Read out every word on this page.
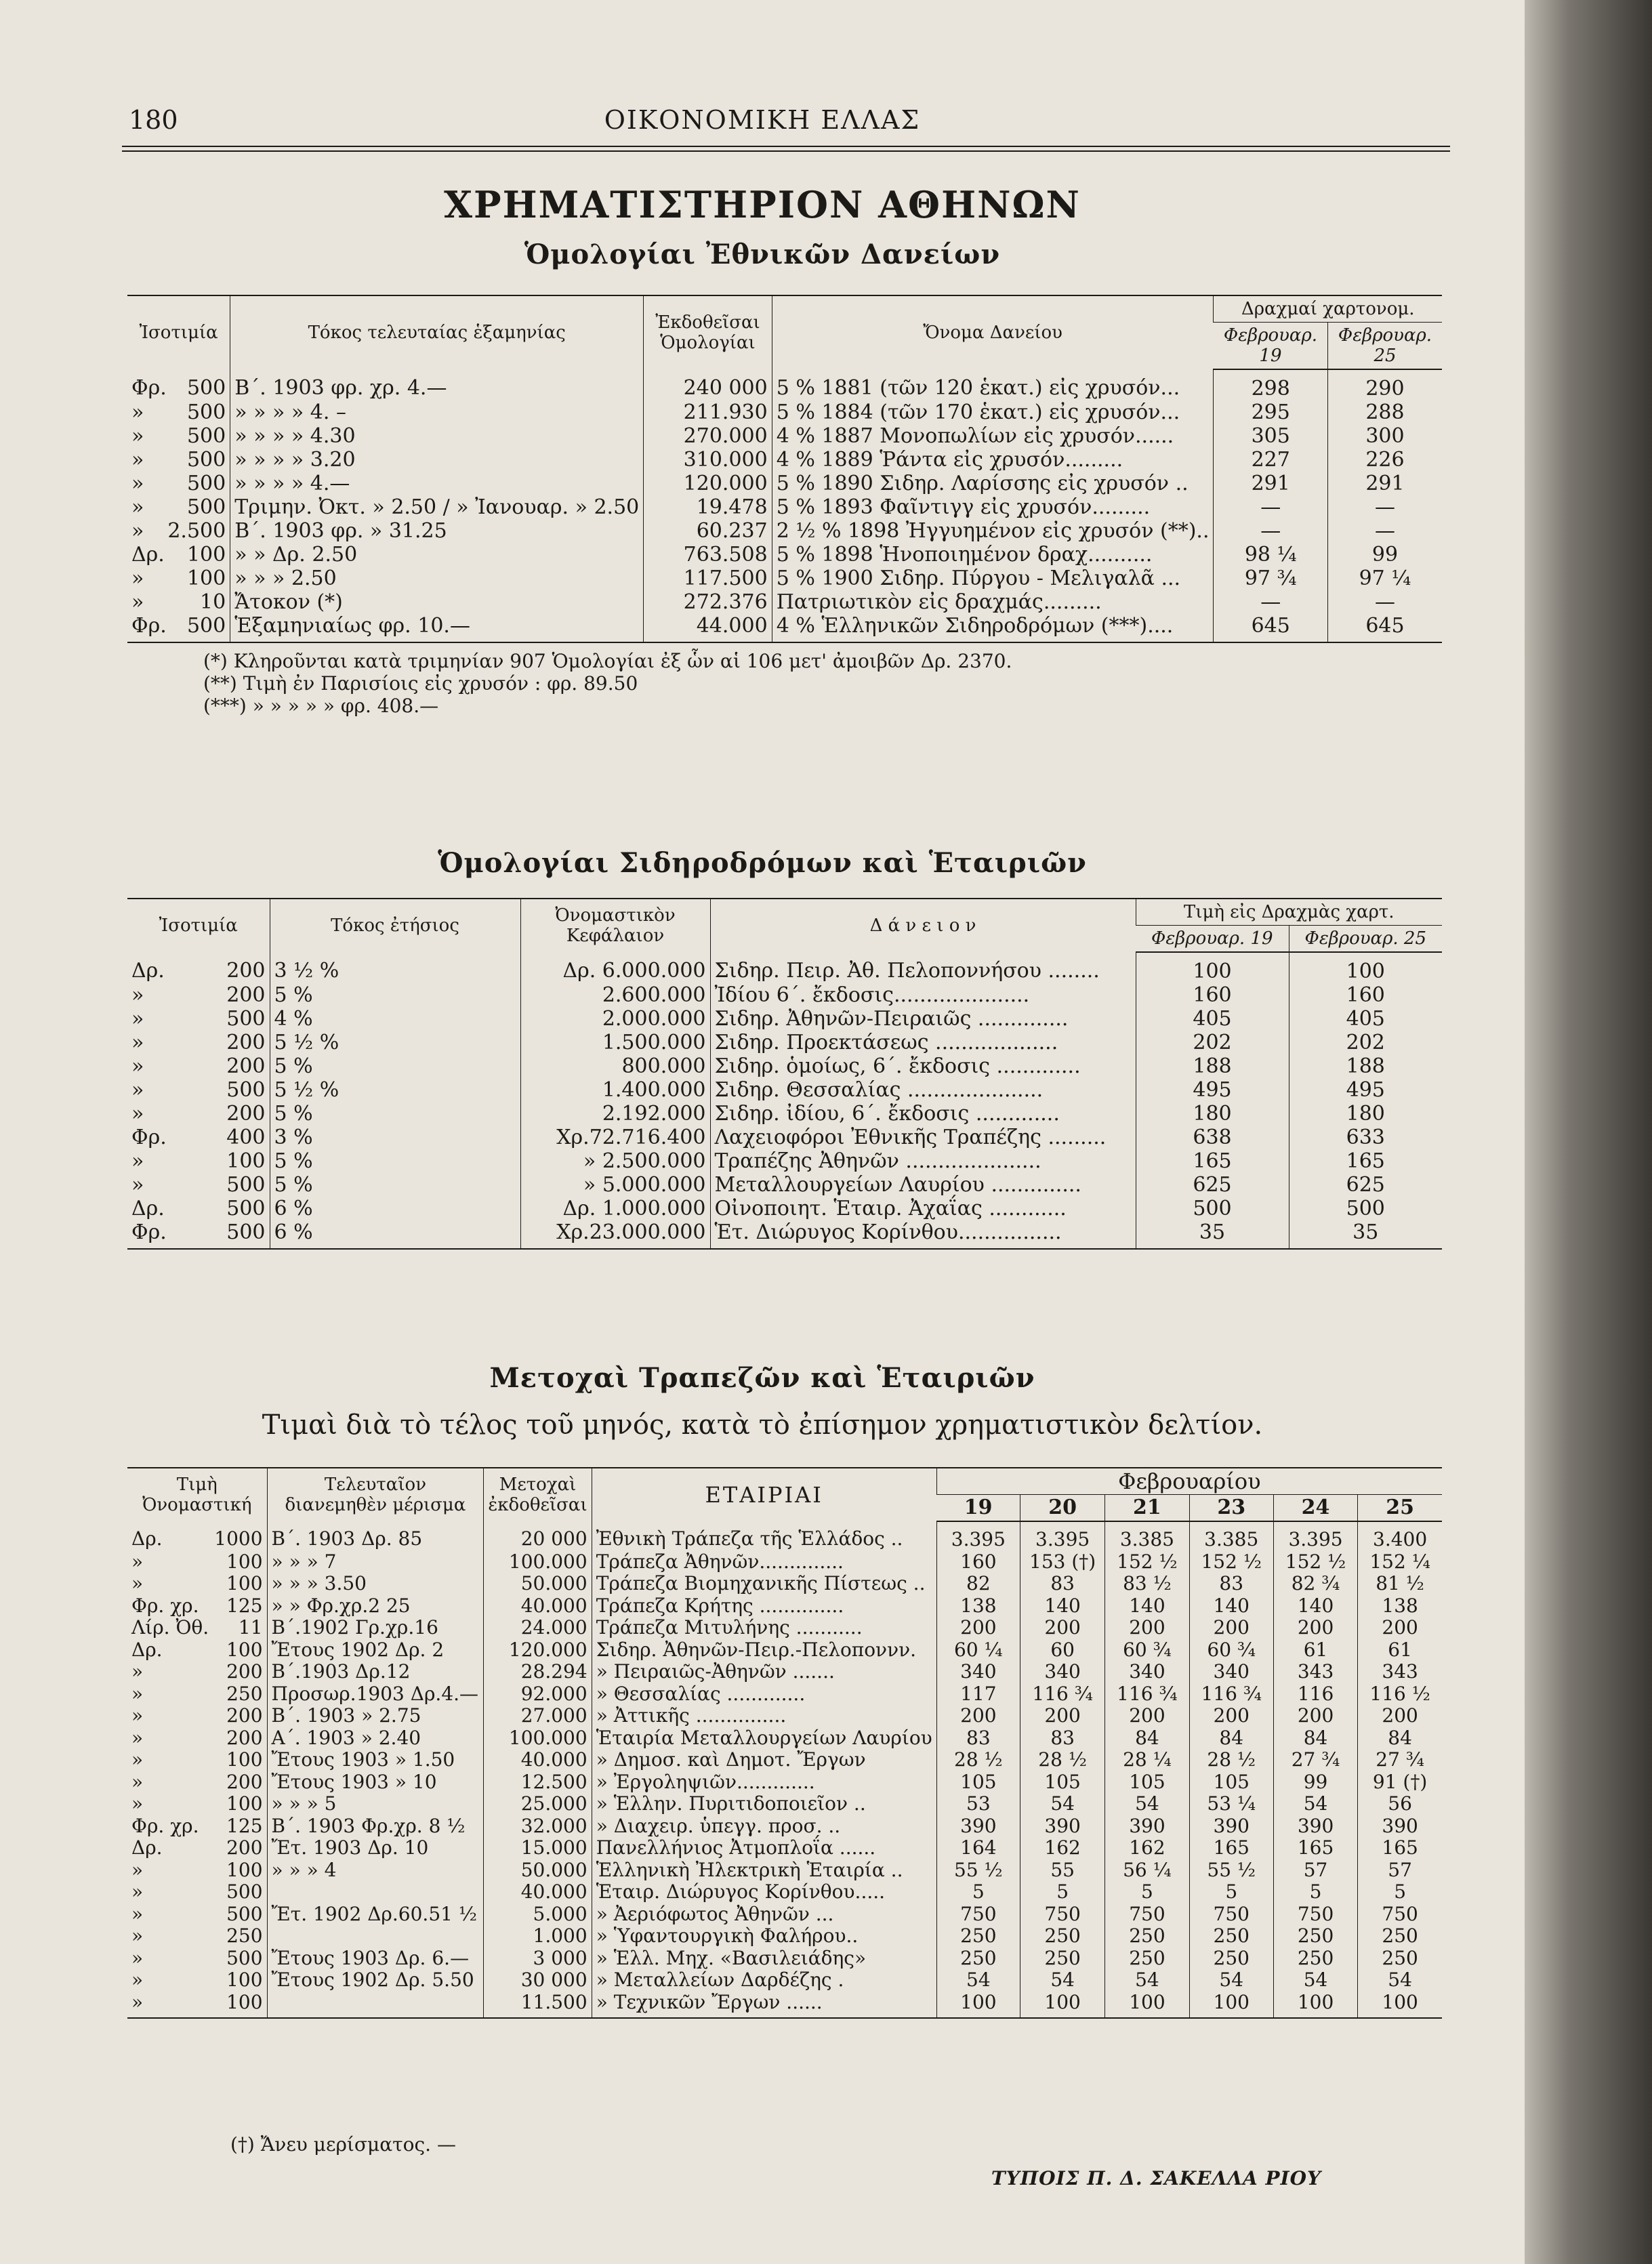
180	ΟΙΚΟΝΟΜΙΚΗ ΕΛΛΑΣ
ΧΡΗΜΑΤΙΣΤΗΡΙΟΝ ΑΘΗΝΩΝ
Ὁμολογίαι Ἐθνικῶν Δανείων
Ἰσοτιμία	Τόκος τελευταίας ἑξαμηνίας	Ἐκδοθεῖσαι Ὁμολογίαι	Ὄνομα Δανείου	Δραχμαί χαρτονομ.	
				Φεβρουαρ. 19	Φεβρουαρ. 25

Φρ. 500	Β΄. 1903 φρ. χρ. 4.—	240 000	5 % 1881 (τῶν 120 ἑκατ.) εἰς χρυσόν...	298	290

» 500	» » » » 4. –	211.930	5 % 1884 (τῶν 170 ἑκατ.) εἰς χρυσόν...	295	288

» 500	» » » » 4.30	270.000	4 % 1887 Μονοπωλίων εἰς χρυσόν......	305	300

» 500	» » » » 3.20	310.000	4 % 1889 Ῥάντα εἰς χρυσόν.........	227	226

» 500	» » » » 4.—	120.000	5 % 1890 Σιδηρ. Λαρίσσης εἰς χρυσόν ..	291	291

» 500	Τριμην. Ὀκτ. » 2.50 / » Ἰανουαρ. » 2.50	19.478	5 % 1893 Φαῖντιγγ εἰς χρυσόν.........	—	—

» 2.500	Β΄. 1903 φρ. » 31.25	60.237	2 ½ % 1898 Ἠγγυημένον εἰς χρυσόν (**)..	—	—

Δρ. 100	» » Δρ. 2.50	763.508	5 % 1898 Ἡνοποιημένον δραχ..........	98 ¼	99

» 100	» » » 2.50	117.500	5 % 1900 Σιδηρ. Πύργου - Μελιγαλᾶ ...	97 ¾	97 ¼

» 10	Ἄτοκον (*)	272.376	Πατριωτικὸν εἰς δραχμάς.........	—	—

Φρ. 500	Ἑξαμηνιαίως φρ. 10.—	44.000	4 % Ἑλληνικῶν Σιδηροδρόμων (***)....	645	645
(*) Κληροῦνται κατὰ τριμηνίαν 907 Ὁμολογίαι ἐξ ὧν αἱ 106 μετ' ἀμοιβῶν Δρ. 2370.
(**) Τιμὴ ἐν Παρισίοις εἰς χρυσόν : φρ. 89.50
(***) » » » » » φρ. 408.—
Ὁμολογίαι Σιδηροδρόμων καὶ Ἑταιριῶν
Ἰσοτιμία	Τόκος ἐτήσιος	Ὀνομαστικὸν Κεφάλαιον	Δ ά ν ε ι ο ν	Τιμὴ εἰς Δραχμὰς χαρτ.	
				Φεβρουαρ. 19	Φεβρουαρ. 25

Δρ. 200	3 ½ %	Δρ. 6.000.000	Σιδηρ. Πειρ. Ἀθ. Πελοποννήσου ........	100	100

» 200	5 %	2.600.000	Ἰδίου 6΄. ἔκδοσις.....................	160	160

» 500	4 %	2.000.000	Σιδηρ. Ἀθηνῶν-Πειραιῶς ..............	405	405

» 200	5 ½ %	1.500.000	Σιδηρ. Προεκτάσεως ...................	202	202

» 200	5 %	800.000	Σιδηρ. ὁμοίως, 6΄. ἔκδοσις .............	188	188

» 500	5 ½ %	1.400.000	Σιδηρ. Θεσσαλίας .....................	495	495

» 200	5 %	2.192.000	Σιδηρ. ἰδίου, 6΄. ἔκδοσις .............	180	180

Φρ. 400	3 %	Χρ.72.716.400	Λαχειοφόροι Ἐθνικῆς Τραπέζης .........	638	633

» 100	5 %	» 2.500.000	Τραπέζης Ἀθηνῶν .....................	165	165

» 500	5 %	» 5.000.000	Μεταλλουργείων Λαυρίου ..............	625	625

Δρ. 500	6 %	Δρ. 1.000.000	Οἰνοποιητ. Ἑταιρ. Ἀχαΐας ............	500	500

Φρ. 500	6 %	Χρ.23.000.000	Ἑτ. Διώρυγος Κορίνθου................	35	35
Μετοχαὶ Τραπεζῶν καὶ Ἑταιριῶν
Τιμαὶ διὰ τὸ τέλος τοῦ μηνός, κατὰ τὸ ἐπίσημον χρηματιστικὸν δελτίον.
Τιμὴ Ὀνομαστική	Τελευταῖον διανεμηθὲν μέρισμα	Μετοχαὶ ἐκδοθεῖσαι	ΕΤΑΙΡΙΑΙ	Φεβρουαρίου					
				19	20	21	23	24	25

Δρ. 1000	Β΄. 1903 Δρ. 85	20 000	Ἐθνικὴ Τράπεζα τῆς Ἑλλάδος ..	3.395	3.395	3.385	3.385	3.395	3.400

» 100	» » » 7	100.000	Τράπεζα Ἀθηνῶν..............	160	153 (†)	152 ½	152 ½	152 ½	152 ¼

» 100	» » » 3.50	50.000	Τράπεζα Βιομηχανικῆς Πίστεως ..	82	83	83 ½	83	82 ¾	81 ½

Φρ. χρ. 125	» » Φρ.χρ.2 25	40.000	Τράπεζα Κρήτης ..............	138	140	140	140	140	138

Λίρ. Ὀθ. 11	Β΄.1902 Γρ.χρ.16	24.000	Τράπεζα Μιτυλήνης ...........	200	200	200	200	200	200

Δρ. 100	Ἔτους 1902 Δρ. 2	120.000	Σιδηρ. Ἀθηνῶν-Πειρ.-Πελοποννν.	60 ¼	60	60 ¾	60 ¾	61	61

» 200	Β΄.1903 Δρ.12	28.294	» Πειραιῶς-Ἀθηνῶν .......	340	340	340	340	343	343

» 250	Προσωρ.1903 Δρ.4.—	92.000	» Θεσσαλίας .............	117	116 ¾	116 ¾	116 ¾	116	116 ½

» 200	Β΄. 1903 » 2.75	27.000	» Ἀττικῆς ...............	200	200	200	200	200	200

» 200	Α΄. 1903 » 2.40	100.000	Ἑταιρία Μεταλλουργείων Λαυρίου	83	83	84	84	84	84

» 100	Ἔτους 1903 » 1.50	40.000	» Δημοσ. καὶ Δημοτ. Ἔργων	28 ½	28 ½	28 ¼	28 ½	27 ¾	27 ¾

» 200	Ἔτους 1903 » 10	12.500	» Ἐργοληψιῶν.............	105	105	105	105	99	91 (†)

» 100	» » » 5	25.000	» Ἑλλην. Πυριτιδοποιεῖον ..	53	54	54	53 ¼	54	56

Φρ. χρ. 125	Β΄. 1903 Φρ.χρ. 8 ½	32.000	» Διαχειρ. ὑπεγγ. προσ. ..	390	390	390	390	390	390

Δρ. 200	Ἔτ. 1903 Δρ. 10	15.000	Πανελλήνιος Ἀτμοπλοΐα ......	164	162	162	165	165	165

» 100	» » » 4	50.000	Ἑλληνικὴ Ἠλεκτρικὴ Ἑταιρία ..	55 ½	55	56 ¼	55 ½	57	57

» 500		40.000	Ἑταιρ. Διώρυγος Κορίνθου.....	5	5	5	5	5	5

» 500	Ἔτ. 1902 Δρ.60.51 ½	5.000	» Ἀεριόφωτος Ἀθηνῶν ...	750	750	750	750	750	750

» 250		1.000	» Ὑφαντουργικὴ Φαλήρου..	250	250	250	250	250	250

» 500	Ἔτους 1903 Δρ. 6.—	3 000	» Ἑλλ. Μηχ. «Βασιλειάδης»	250	250	250	250	250	250

» 100	Ἔτους 1902 Δρ. 5.50	30 000	» Μεταλλείων Δαρδέζης .	54	54	54	54	54	54

» 100		11.500	» Τεχνικῶν Ἔργων ......	100	100	100	100	100	100
(†) Ἄνευ μερίσματος. —
ΤΥΠΟΙΣ Π. Δ. ΣΑΚΕΛΛΑ ΡΙΟΥ
